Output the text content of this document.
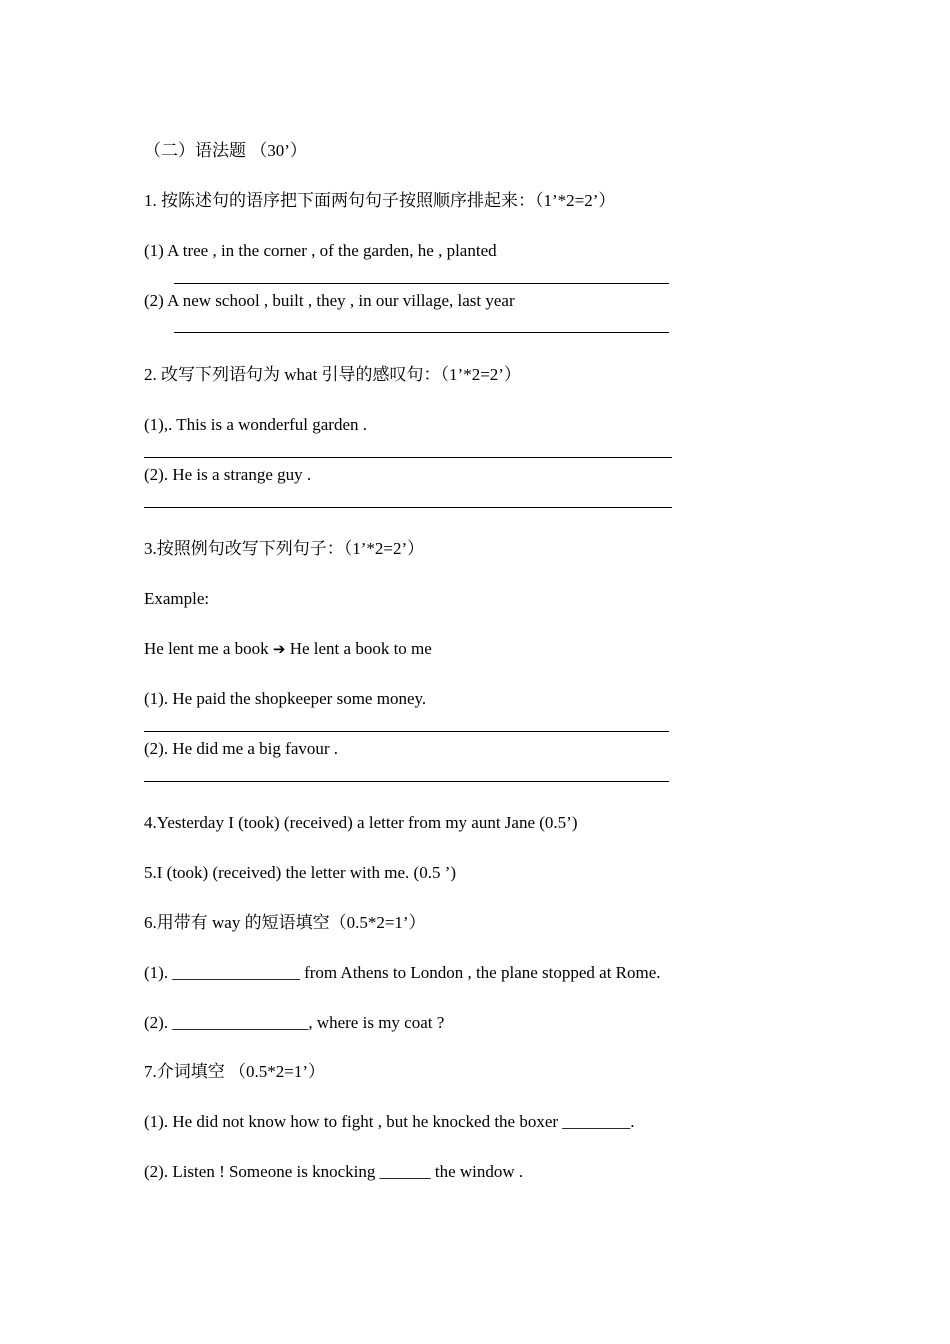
（二）语法题 （30’）
1. 按陈述句的语序把下面两句句子按照顺序排起来：（1’*2=2’）
(1) A tree , in the corner , of the garden, he , planted
(2) A new school , built , they , in our village, last year
2. 改写下列语句为 what 引导的感叹句：（1’*2=2’）
(1),. This is a wonderful garden .
(2). He is a strange guy .
3.按照例句改写下列句子：（1’*2=2’）
Example:
He lent me a book ➔ He lent a book to me
(1). He paid the shopkeeper some money.
(2). He did me a big favour .
4.Yesterday I (took) (received) a letter from my aunt Jane (0.5’)
5.I (took) (received) the letter with me. (0.5 ’)
6.用带有 way 的短语填空（0.5*2=1’）
(1). _______________ from Athens to London , the plane stopped at Rome.
(2). ________________, where is my coat ?
7.介词填空 （0.5*2=1’）
(1). He did not know how to fight , but he knocked the boxer ________.
(2). Listen ! Someone is knocking ______ the window .
